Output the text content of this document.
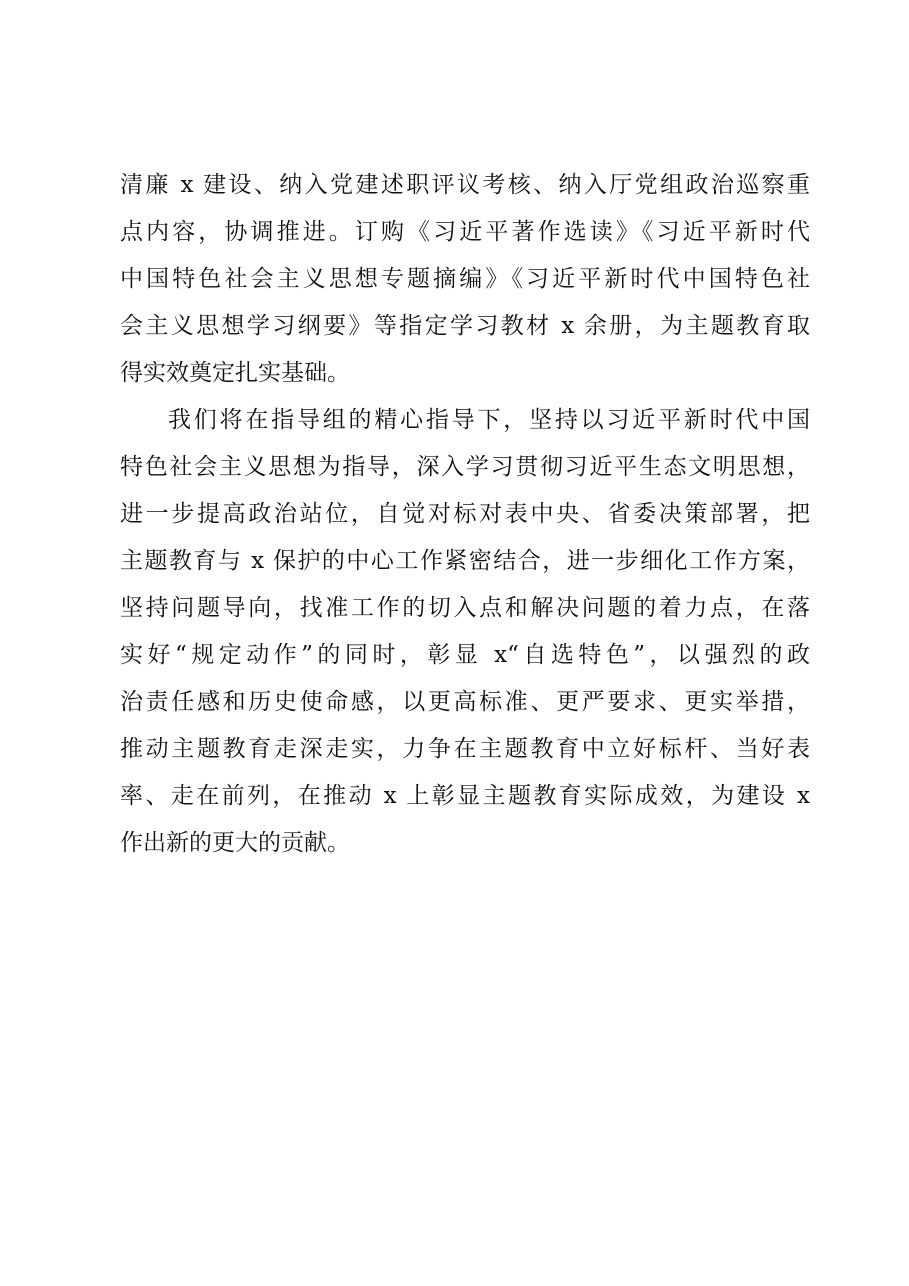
清廉 x 建设、纳入党建述职评议考核、纳入厅党组政治巡察重
点内容，协调推进。订购《习近平著作选读》《习近平新时代
中国特色社会主义思想专题摘编》《习近平新时代中国特色社
会主义思想学习纲要》等指定学习教材 x 余册，为主题教育取
得实效奠定扎实基础。
我们将在指导组的精心指导下，坚持以习近平新时代中国
特色社会主义思想为指导，深入学习贯彻习近平生态文明思想，
进一步提高政治站位，自觉对标对表中央、省委决策部署，把
主题教育与 x 保护的中心工作紧密结合，进一步细化工作方案，
坚持问题导向，找准工作的切入点和解决问题的着力点，在落
实好“规定动作”的同时，彰显 x“自选特色”，以强烈的政
治责任感和历史使命感，以更高标准、更严要求、更实举措，
推动主题教育走深走实，力争在主题教育中立好标杆、当好表
率、走在前列，在推动 x 上彰显主题教育实际成效，为建设 x
作出新的更大的贡献。
